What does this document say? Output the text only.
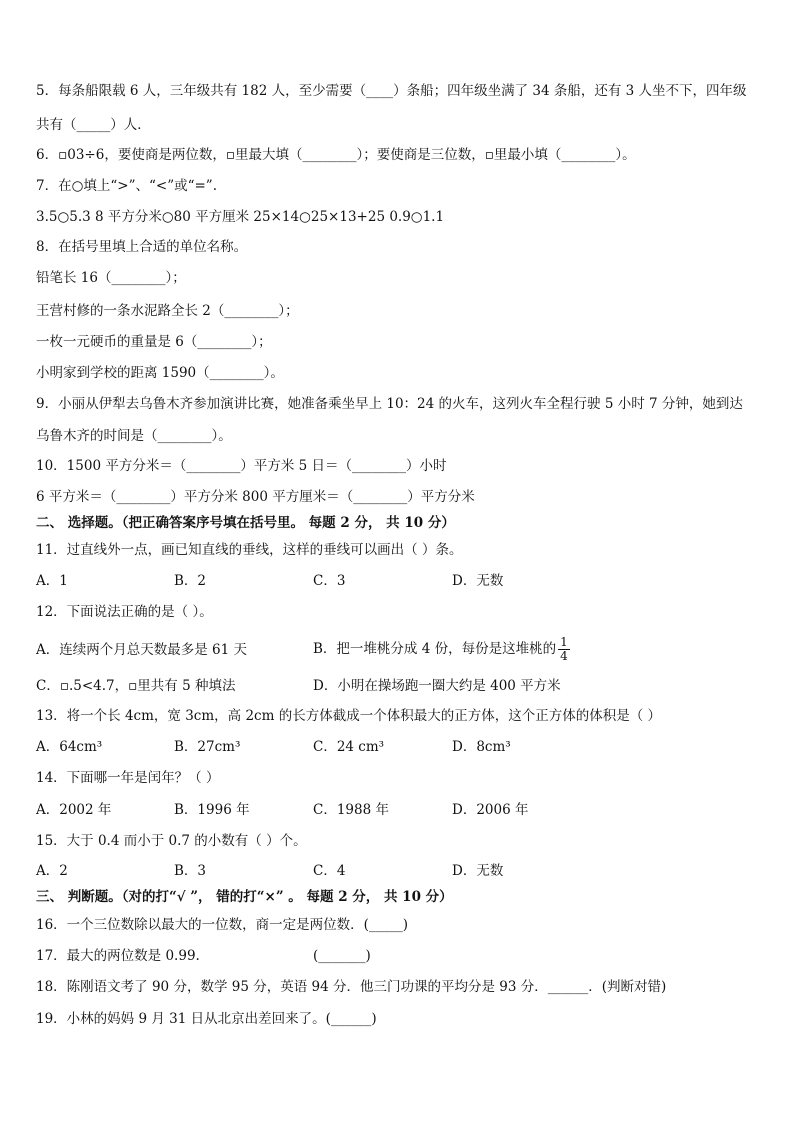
5．每条船限载 6 人，三年级共有 182 人，至少需要（____）条船；四年级坐满了 34 条船，还有 3 人坐不下，四年级
共有（_____）人．
6．▫03÷6，要使商是两位数，▫里最大填（________）；要使商是三位数，▫里最小填（________）。
7．在○填上“>”、“<”或“=”.
3.5○5.3 8 平方分米○80 平方厘米 25×14○25×13+25 0.9○1.1
8．在括号里填上合适的单位名称。
铅笔长 16（________）；
王营村修的一条水泥路全长 2（________）；
一枚一元硬币的重量是 6（________）；
小明家到学校的距离 1590（________）。
9．小丽从伊犁去乌鲁木齐参加演讲比赛，她准备乘坐早上 10：24 的火车，这列火车全程行驶 5 小时 7 分钟，她到达
乌鲁木齐的时间是（________）。
10．1500 平方分米＝（________）平方米 5 日＝（________）小时
6 平方米＝（________）平方分米 800 平方厘米＝（________）平方分米
二、 选择题。（把正确答案序号填在括号里。 每题 2 分， 共 10 分）
11．过直线外一点，画已知直线的垂线，这样的垂线可以画出（ ）条。
A．1	B．2	C．3	D．无数
12．下面说法正确的是（ ）。
A．连续两个月总天数最多是 61 天	B．把一堆桃分成 4 份，每份是这堆桃的 $\frac{1}{4}$
C．▫.5<4.7，▫里共有 5 种填法	D．小明在操场跑一圈大约是 400 平方米
13．将一个长 4cm，宽 3cm，高 2cm 的长方体截成一个体积最大的正方体，这个正方体的体积是（ ）
A．64cm³	B．27cm³	C．24 cm³	D．8cm³
14．下面哪一年是闰年？（ ）
A．2002 年	B．1996 年	C．1988 年	D．2006 年
15．大于 0.4 而小于 0.7 的小数有（ ）个。
A．2	B．3	C．4	D．无数
三、 判断题。（对的打“√ ”， 错的打“×” 。 每题 2 分， 共 10 分）
16．一个三位数除以最大的一位数，商一定是两位数．(_____)
17．最大的两位数是 0.99.	(_______)
18．陈刚语文考了 90 分，数学 95 分，英语 94 分．他三门功课的平均分是 93 分．______．(判断对错)
19．小林的妈妈 9 月 31 日从北京出差回来了。(______)
